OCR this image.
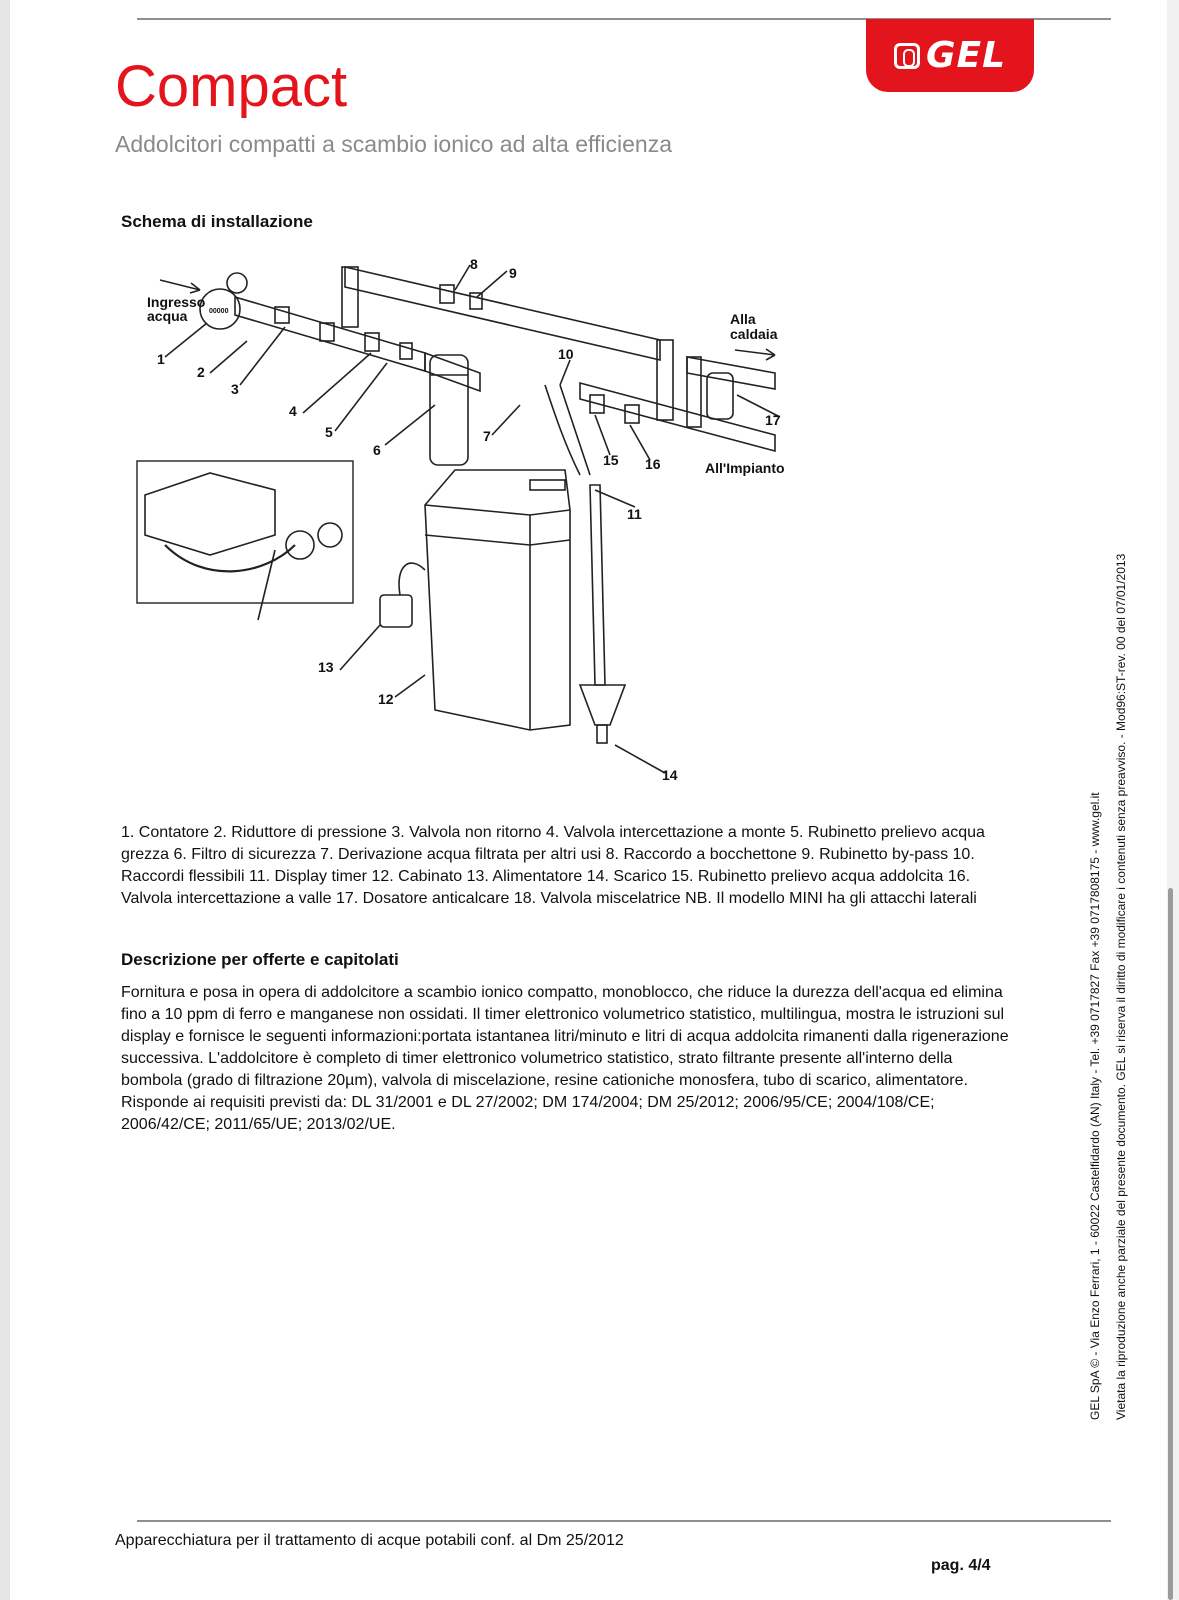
GEL
Compact
Addolcitori compatti a scambio ionico ad alta efficienza
Schema di installazione
Ingresso
acqua	Alla
caldaia
All'Impianto
00000
1
2
3
4
5
6
7
8
9
10
11
12
13
14
15 16
17
1. Contatore 2. Riduttore di pressione 3. Valvola non ritorno 4. Valvola intercettazione a monte 5. Rubinetto prelievo acqua grezza 6. Filtro di sicurezza 7. Derivazione acqua filtrata per altri usi 8. Raccordo a bocchettone 9. Rubinetto by-pass 10. Raccordi flessibili 11. Display timer 12. Cabinato 13. Alimentatore 14. Scarico 15. Rubinetto prelievo acqua addolcita 16. Valvola intercettazione a valle 17. Dosatore anticalcare 18. Valvola miscelatrice NB. Il modello MINI ha gli attacchi laterali
Descrizione per offerte e capitolati
Fornitura e posa in opera di addolcitore a scambio ionico compatto, monoblocco, che riduce la durezza dell'acqua ed elimina fino a 10 ppm di ferro e manganese non ossidati. Il timer elettronico volumetrico statistico, multilingua, mostra le istruzioni sul display e fornisce le seguenti informazioni:portata istantanea litri/minuto e litri di acqua addolcita rimanenti dalla rigenerazione successiva. L'addolcitore è completo di timer elettronico volumetrico statistico, strato filtrante presente all'interno della bombola (grado di filtrazione 20µm), valvola di miscelazione, resine cationiche monosfera, tubo di scarico, alimentatore. Risponde ai requisiti previsti da: DL 31/2001 e DL 27/2002; DM 174/2004; DM 25/2012; 2006/95/CE; 2004/108/CE; 2006/42/CE; 2011/65/UE; 2013/02/UE.	GEL SpA © - Via Enzo Ferrari, 1 - 60022 Castelfidardo (AN) Italy - Tel. +39 0717827 Fax +39 0717808175 - www.gel.it	Vietata la riproduzione anche parziale del presente documento. GEL si riserva il diritto di modificare i contenuti senza preavviso. - Mod96:ST-rev. 00 del 07/01/2013
Apparecchiatura per il trattamento di acque potabili conf. al Dm 25/2012
pag. 4/4
